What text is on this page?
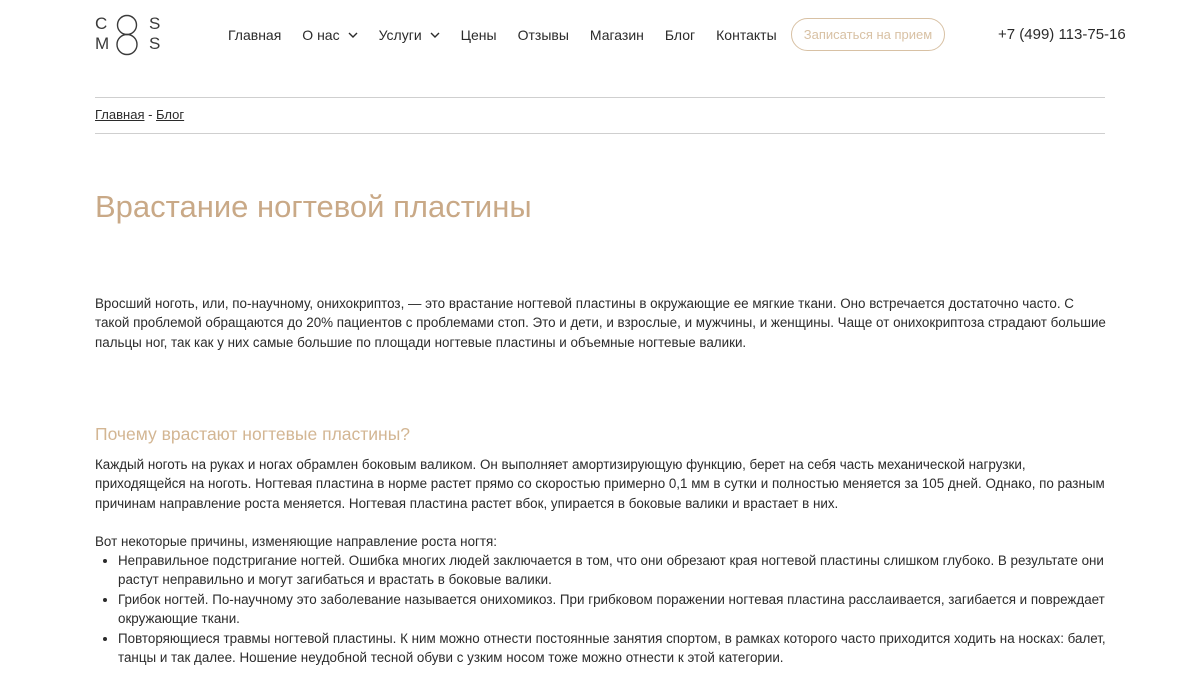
C S
M S	Главная О нас	Услуги	Цены Отзывы Магазин Блог Контакты	Записаться на прием	+7 (499) 113-75-16
Главная - Блог
Врастание ногтевой пластины

Вросший ноготь, или, по-научному, онихокриптоз, — это врастание ногтевой пластины в окружающие ее мягкие ткани. Оно встречается достаточно часто. С такой проблемой обращаются до 20% пациентов с проблемами стоп. Это и дети, и взрослые, и мужчины, и женщины. Чаще от онихокриптоза страдают большие пальцы ног, так как у них самые большие по площади ногтевые пластины и объемные ногтевые валики.

Почему врастают ногтевые пластины?

Каждый ноготь на руках и ногах обрамлен боковым валиком. Он выполняет амортизирующую функцию, берет на себя часть механической нагрузки, приходящейся на ноготь. Ногтевая пластина в норме растет прямо со скоростью примерно 0,1 мм в сутки и полностью меняется за 105 дней. Однако, по разным причинам направление роста меняется. Ногтевая пластина растет вбок, упирается в боковые валики и врастает в них.

Вот некоторые причины, изменяющие направление роста ногтя:

• Неправильное подстригание ногтей. Ошибка многих людей заключается в том, что они обрезают края ногтевой пластины слишком глубоко. В результате они растут неправильно и могут загибаться и врастать в боковые валики.
• Грибок ногтей. По-научному это заболевание называется онихомикоз. При грибковом поражении ногтевая пластина расслаивается, загибается и повреждает окружающие ткани.
• Повторяющиеся травмы ногтевой пластины. К ним можно отнести постоянные занятия спортом, в рамках которого часто приходится ходить на носках: балет, танцы и так далее. Ношение неудобной тесной обуви с узким носом тоже можно отнести к этой категории.
